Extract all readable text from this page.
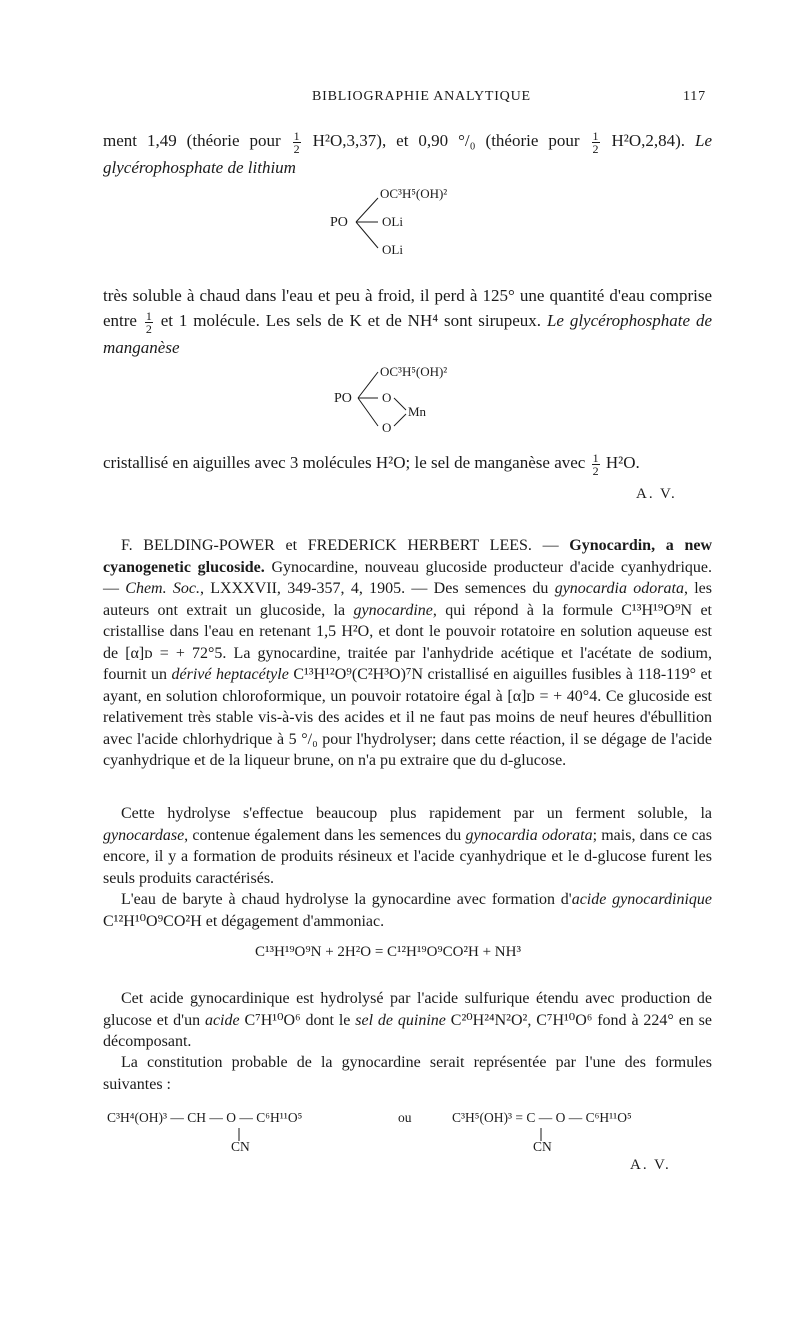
BIBLIOGRAPHIE ANALYTIQUE	117
ment 1,49 (théorie pour $\frac{1}{2} H^2O,3,37$), et 0,90 °/₀ (théorie pour $\frac{1}{2} H^2O,2,84$). Le glycérophosphate de lithium
PO
OC³H⁵(OH)²
OLi
OLi
très soluble à chaud dans l'eau et peu à froid, il perd à 125° une quantité d'eau comprise entre $\frac{1}{2}$ et 1 molécule. Les sels de K et de NH⁴ sont sirupeux. Le glycérophosphate de manganèse
PO
OC³H⁵(OH)²
O
O
Mn
cristallisé en aiguilles avec 3 molécules H²O; le sel de manganèse avec $\frac{1}{2} H^2O$.
A. V.
F. BELDING-POWER et FREDERICK HERBERT LEES. — Gynocardin, a new cyanogenetic glucoside. Gynocardine, nouveau glucoside producteur d'acide cyanhydrique. — Chem. Soc., LXXXVII, 349-357, 4, 1905. — Des semences du gynocardia odorata, les auteurs ont extrait un glucoside, la gynocardine, qui répond à la formule C¹³H¹⁹O⁹N et cristallise dans l'eau en retenant 1,5 H²O, et dont le pouvoir rotatoire en solution aqueuse est de [α]ᴅ = + 72°5. La gynocardine, traitée par l'anhydride acétique et l'acétate de sodium, fournit un dérivé heptacétyle C¹³H¹²O⁹(C²H³O)⁷N cristallisé en aiguilles fusibles à 118-119° et ayant, en solution chloroformique, un pouvoir rotatoire égal à [α]ᴅ = + 40°4. Ce glucoside est relativement très stable vis-à-vis des acides et il ne faut pas moins de neuf heures d'ébullition avec l'acide chlorhydrique à 5 °/₀ pour l'hydrolyser; dans cette réaction, il se dégage de l'acide cyanhydrique et de la liqueur brune, on n'a pu extraire que du d-glucose.
Cette hydrolyse s'effectue beaucoup plus rapidement par un ferment soluble, la gynocardase, contenue également dans les semences du gynocardia odorata; mais, dans ce cas encore, il y a formation de produits résineux et l'acide cyanhydrique et le d-glucose furent les seuls produits caractérisés.
L'eau de baryte à chaud hydrolyse la gynocardine avec formation d'acide gynocardinique C¹²H¹⁰O⁹CO²H et dégagement d'ammoniac.
C¹³H¹⁹O⁹N + 2H²O = C¹²H¹⁹O⁹CO²H + NH³
Cet acide gynocardinique est hydrolysé par l'acide sulfurique étendu avec production de glucose et d'un acide C⁷H¹⁰O⁶ dont le sel de quinine C²⁰H²⁴N²O², C⁷H¹⁰O⁶ fond à 224° en se décomposant.
La constitution probable de la gynocardine serait représentée par l'une des formules suivantes :
C³H⁴(OH)³ — CH — O — C⁶H¹¹O⁵	ou	C³H⁵(OH)³ = C — O — C⁶H¹¹O⁵
CN	CN
A. V.
